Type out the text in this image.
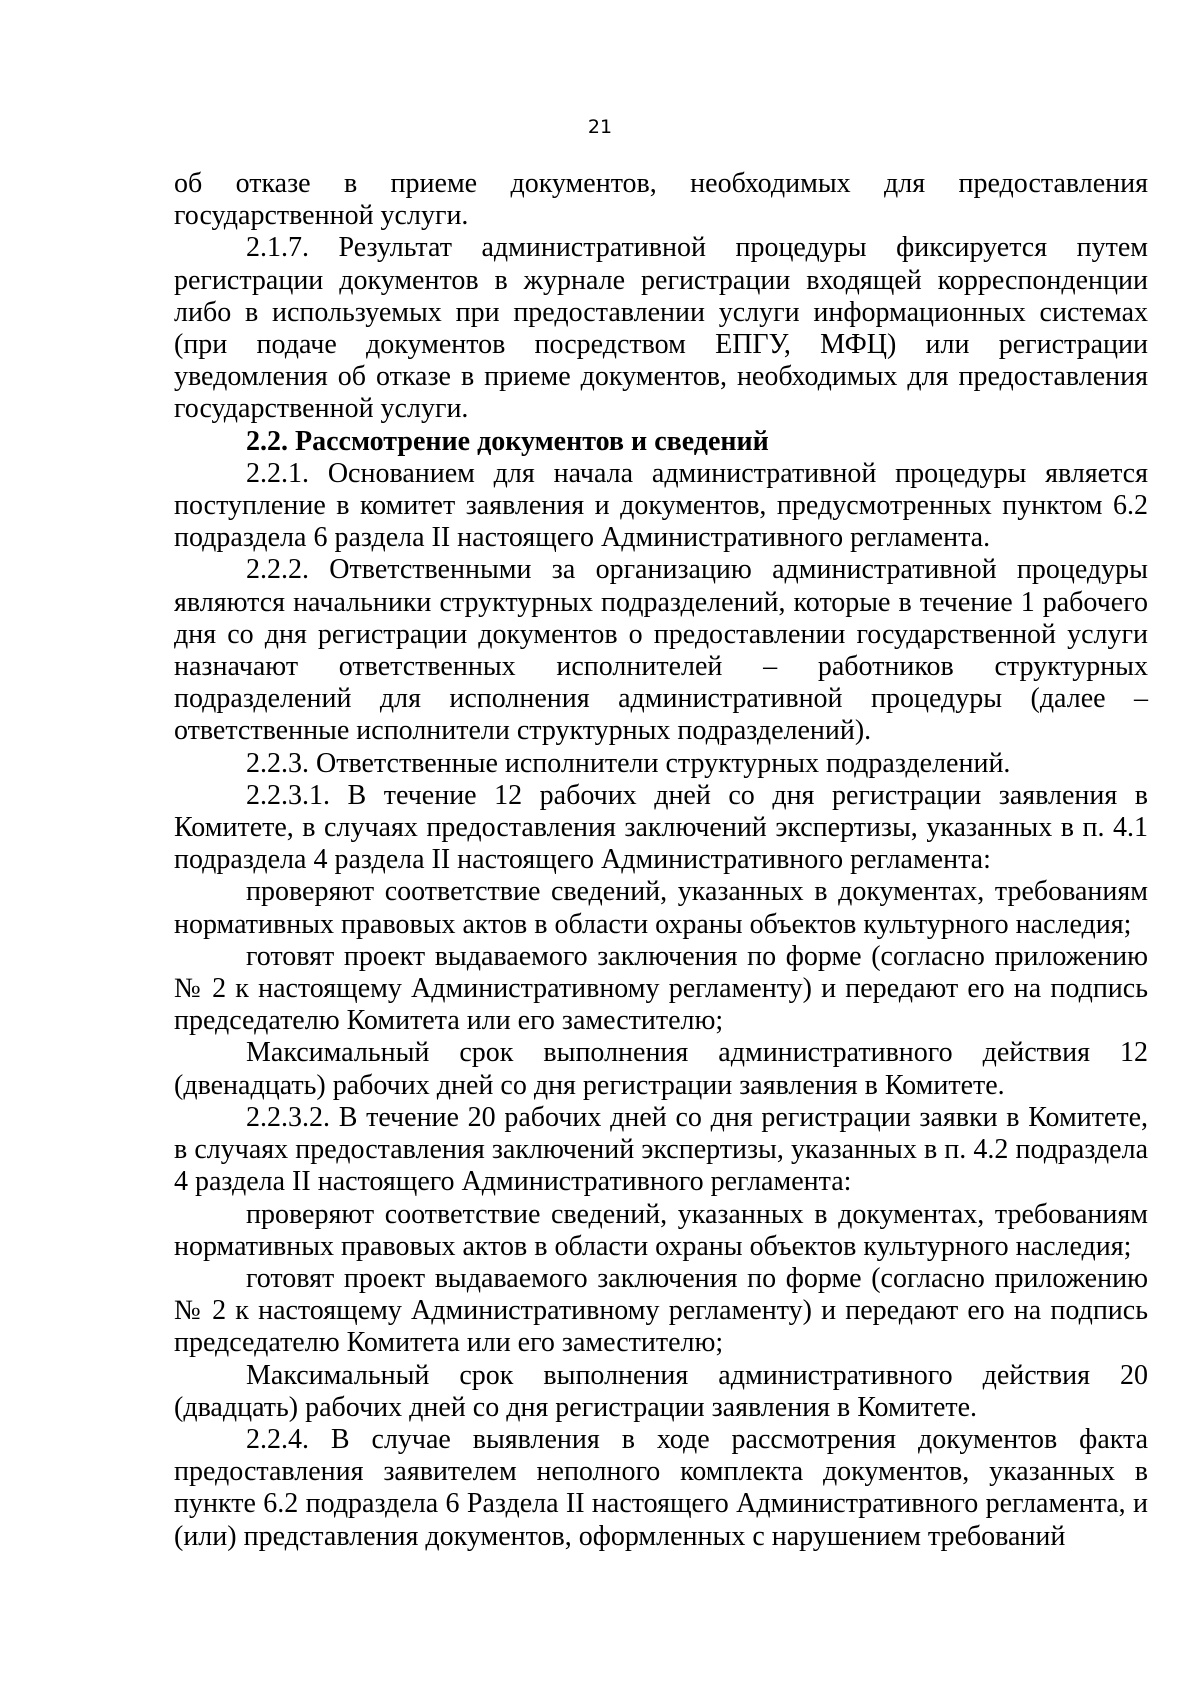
21

об отказе в приеме документов, необходимых для предоставления государственной услуги.

2.1.7. Результат административной процедуры фиксируется путем регистрации документов в журнале регистрации входящей корреспонденции либо в используемых при предоставлении услуги информационных системах (при подаче документов посредством ЕПГУ, МФЦ) или регистрации уведомления об отказе в приеме документов, необходимых для предоставления государственной услуги.

2.2. Рассмотрение документов и сведений

2.2.1. Основанием для начала административной процедуры является поступление в комитет заявления и документов, предусмотренных пунктом 6.2 подраздела 6 раздела II настоящего Административного регламента.

2.2.2. Ответственными за организацию административной процедуры являются начальники структурных подразделений, которые в течение 1 рабочего дня со дня регистрации документов о предоставлении государственной услуги назначают ответственных исполнителей – работников структурных подразделений для исполнения административной процедуры (далее – ответственные исполнители структурных подразделений).

2.2.3. Ответственные исполнители структурных подразделений.

2.2.3.1. В течение 12 рабочих дней со дня регистрации заявления в Комитете, в случаях предоставления заключений экспертизы, указанных в п. 4.1 подраздела 4 раздела II настоящего Административного регламента:

проверяют соответствие сведений, указанных в документах, требованиям нормативных правовых актов в области охраны объектов культурного наследия;

готовят проект выдаваемого заключения по форме (согласно приложению № 2 к настоящему Административному регламенту) и передают его на подпись председателю Комитета или его заместителю;

Максимальный срок выполнения административного действия 12 (двенадцать) рабочих дней со дня регистрации заявления в Комитете.

2.2.3.2. В течение 20 рабочих дней со дня регистрации заявки в Комитете, в случаях предоставления заключений экспертизы, указанных в п. 4.2 подраздела 4 раздела II настоящего Административного регламента:

проверяют соответствие сведений, указанных в документах, требованиям нормативных правовых актов в области охраны объектов культурного наследия;

готовят проект выдаваемого заключения по форме (согласно приложению № 2 к настоящему Административному регламенту) и передают его на подпись председателю Комитета или его заместителю;

Максимальный срок выполнения административного действия 20 (двадцать) рабочих дней со дня регистрации заявления в Комитете.

2.2.4. В случае выявления в ходе рассмотрения документов факта предоставления заявителем неполного комплекта документов, указанных в пункте 6.2 подраздела 6 Раздела II настоящего Административного регламента, и (или) представления документов, оформленных с нарушением требований
